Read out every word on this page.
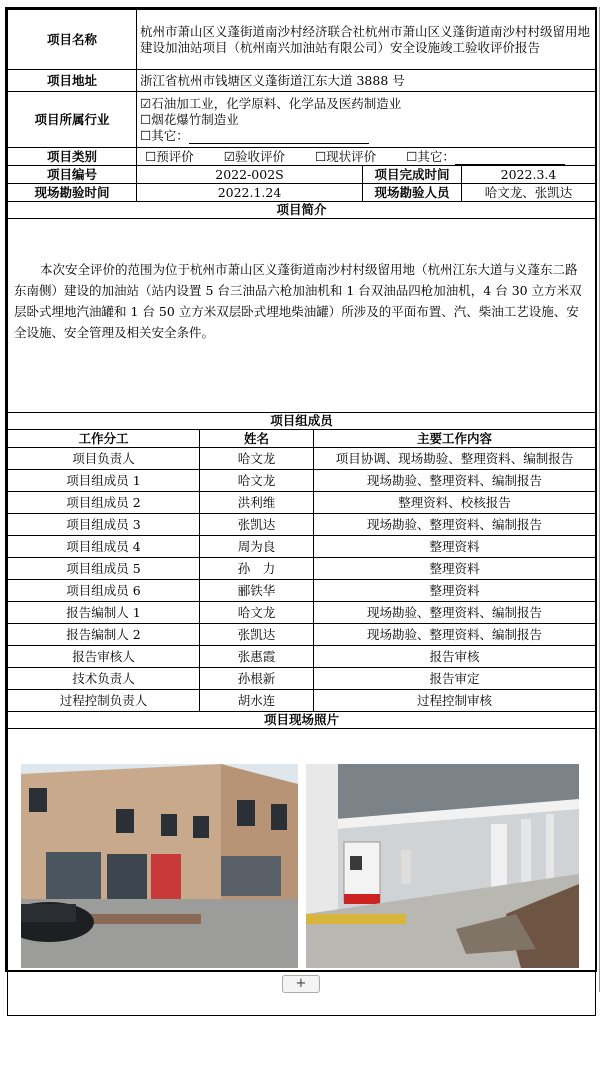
项目名称	杭州市萧山区义蓬街道南沙村经济联合社杭州市萧山区义蓬街道南沙村村级留用地建设加油站项目（杭州南兴加油站有限公司）安全设施竣工验收评价报告		
项目地址	浙江省杭州市钱塘区义蓬街道江东大道 3888 号		
项目所属行业	☑石油加工业，化学原料、化学品及医药制造业
☐烟花爆竹制造业
☐其它：		

项目类别	☐预评价 ☑验收评价 ☐现状评价 ☐其它：		
项目编号	2022-002S	项目完成时间	2022.3.4
现场勘验时间	2022.1.24	现场勘验人员	哈文龙、张凯达
项目简介			
本次安全评价的范围为位于杭州市萧山区义蓬街道南沙村村级留用地（杭州江东大道与义蓬东二路东南侧）建设的加油站（站内设置 5 台三油品六枪加油机和 1 台双油品四枪加油机，4 台 30 立方米双层卧式埋地汽油罐和 1 台 50 立方米双层卧式埋地柴油罐）所涉及的平面布置、汽、柴油工艺设施、安全设施、安全管理及相关安全条件。			
项目组成员		
工作分工	姓名	主要工作内容
项目负责人	哈文龙	项目协调、现场勘验、整理资料、编制报告
项目组成员 1	哈文龙	现场勘验、整理资料、编制报告
项目组成员 2	洪利维	整理资料、校核报告
项目组成员 3	张凯达	现场勘验、整理资料、编制报告
项目组成员 4	周为良	整理资料
项目组成员 5	孙　力	整理资料
项目组成员 6	郦铁华	整理资料
报告编制人 1	哈文龙	现场勘验、整理资料、编制报告
报告编制人 2	张凯达	现场勘验、整理资料、编制报告
报告审核人	张惠霞	报告审核
技术负责人	孙根新	报告审定
过程控制负责人	胡水连	过程控制审核
项目现场照片		

+
